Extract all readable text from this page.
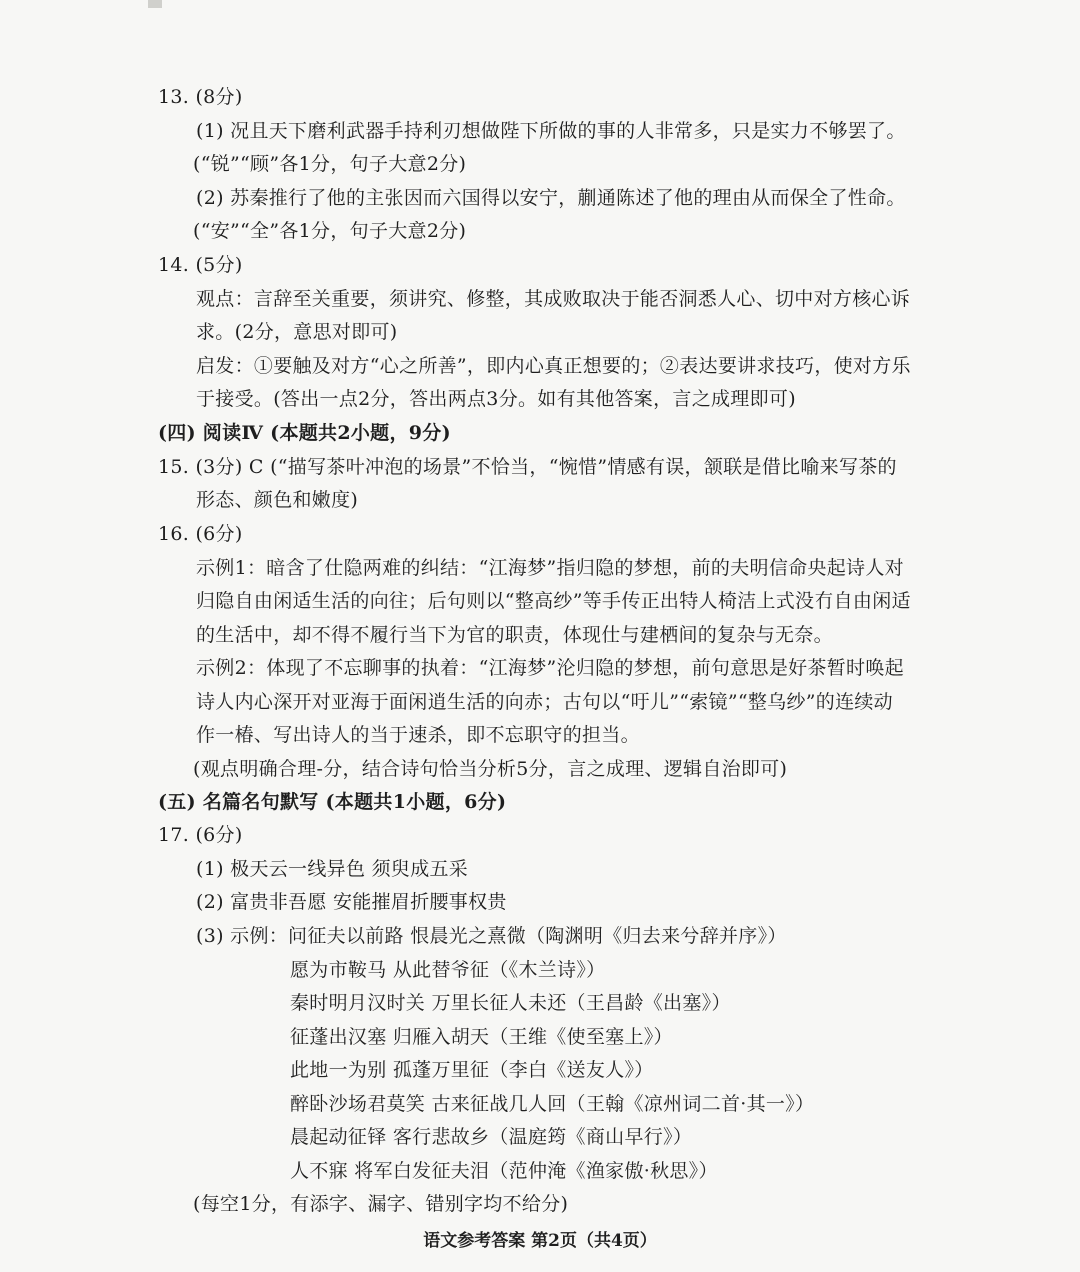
13. (8分)
(1) 况且天下磨利武器手持利刃想做陛下所做的事的人非常多，只是实力不够罢了。
(“锐”“顾”各1分，句子大意2分)
(2) 苏秦推行了他的主张因而六国得以安宁，蒯通陈述了他的理由从而保全了性命。
(“安”“全”各1分，句子大意2分)
14. (5分)
观点：言辞至关重要，须讲究、修整，其成败取决于能否洞悉人心、切中对方核心诉
求。(2分，意思对即可)
启发：①要触及对方“心之所善”，即内心真正想要的；②表达要讲求技巧，使对方乐
于接受。(答出一点2分，答出两点3分。如有其他答案，言之成理即可)
(四) 阅读Ⅳ (本题共2小题，9分)
15. (3分) C (“描写茶叶冲泡的场景”不恰当，“惋惜”情感有误，颔联是借比喻来写茶的
形态、颜色和嫩度)
16. (6分)
示例1：暗含了仕隐两难的纠结：“江海梦”指归隐的梦想，前的夫明信命央起诗人对
归隐自由闲适生活的向往；后句则以“整高纱”等手传正出特人椅洁上式没冇自由闲适
的生活中，却不得不履行当下为官的职责，体现仕与建栖间的复杂与无奈。
示例2：体现了不忘聊事的执着：“江海梦”沦归隐的梦想，前句意思是好茶暂时唤起
诗人内心深开对亚海于面闲逍生活的向赤；古句以“吁儿”“索镜”“整乌纱”的连续动
作一椿、写出诗人的当于速杀，即不忘职守的担当。
(观点明确合理-分，结合诗句恰当分析5分，言之成理、逻辑自治即可)
(五) 名篇名句默写 (本题共1小题，6分)
17. (6分)
(1) 极天云一线异色 须臾成五采
(2) 富贵非吾愿 安能摧眉折腰事权贵
(3) 示例：问征夫以前路 恨晨光之熹微（陶渊明《归去来兮辞并序》）
愿为市鞍马 从此替爷征（《木兰诗》）
秦时明月汉时关 万里长征人未还（王昌龄《出塞》）
征蓬出汉塞 归雁入胡天（王维《使至塞上》）
此地一为别 孤蓬万里征（李白《送友人》）
醉卧沙场君莫笑 古来征战几人回（王翰《凉州词二首·其一》）
晨起动征铎 客行悲故乡（温庭筠《商山早行》）
人不寐 将军白发征夫泪（范仲淹《渔家傲·秋思》）
(每空1分，有添字、漏字、错别字均不给分)
语文参考答案 第2页（共4页）
